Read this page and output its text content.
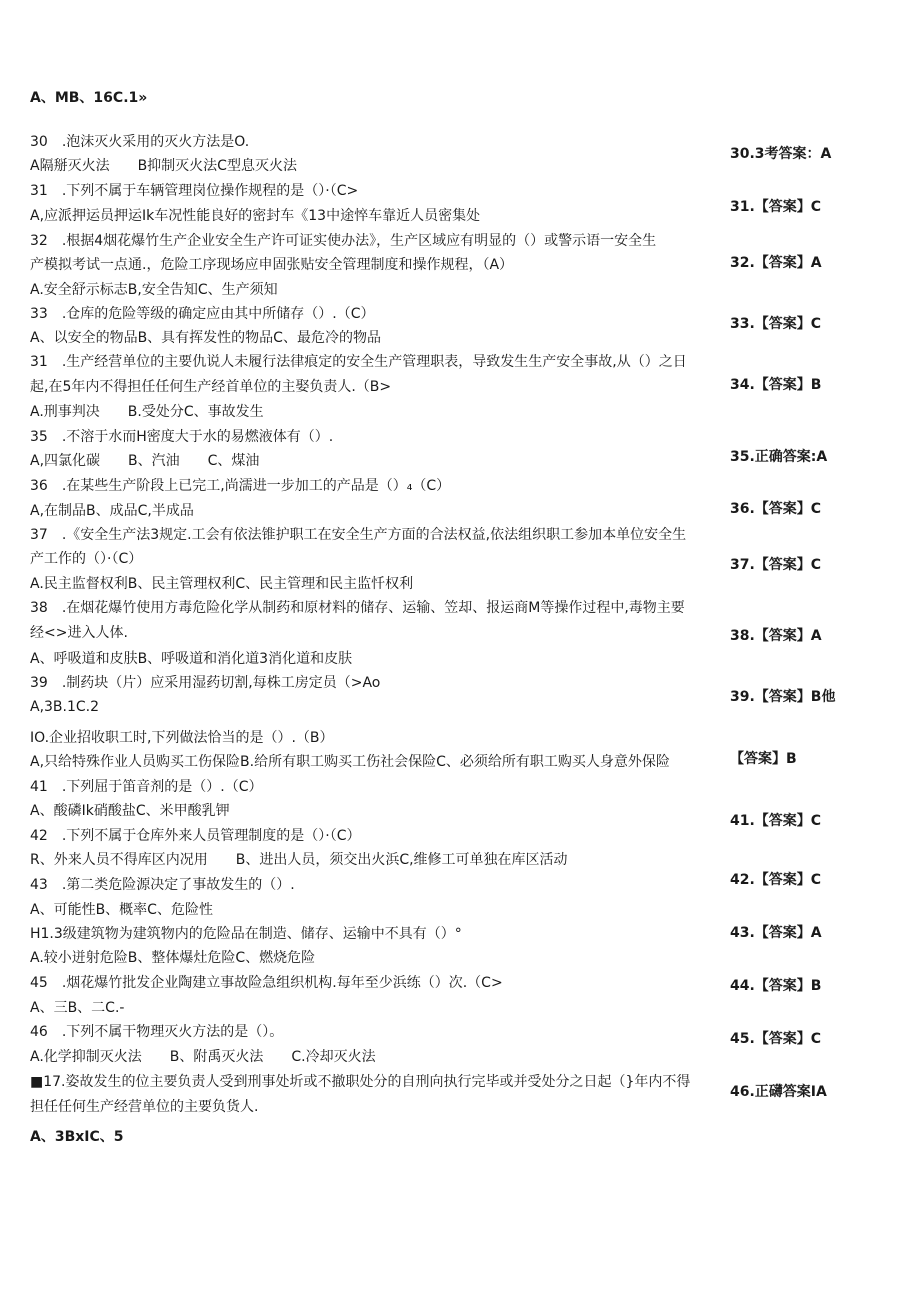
A、MB、16C.1»
30　.泡沫灭火采用的灭火方法是O.
A隔掰灭火法　　B抑制灭火法C型息灭火法
31　.下列不属于车辆管理岗位操作规程的是（）·（C>
A,应派押运员押运Ik车况性能良好的密封车《13中途悴车靠近人员密集处
32　.根据4烟花爆竹生产企业安全生产许可证实使办法》，生产区域应有明显的（）或警示语一安全生
产模拟考试一点通.，危险工序现场应申固张贴安全管理制度和操作规程，（A）
A.安全舒示标志B,安全告知C、生产须知
33　.仓库的危险等级的确定应由其中所储存（）.（C）
A、以安全的物品B、具有挥发性的物品C、最危冷的物品
31　.生产经营单位的主要仇说人未履行法律痕定的安全生产管理职表，导致发生生产安全事故,从（）之日
起,在5年内不得担任任何生产经首单位的主娶负责人.（B>
A.刑事判决　　B.受处分C、事故发生
35　.不溶于水而H密度大于水的易燃液体有（）.
A,四氯化碳　　B、汽油　　C、煤油
36　.在某些生产阶段上已完工,尚濡进一步加工的产品是（）₄（C）
A,在制品B、成品C,半成品
37　.《安全生产法3规定.工会有依法锥护职工在安全生产方面的合法权益,依法组织职工参加本单位安全生
产工作的（）·（C）
A.民主监督权利B、民主管理权利C、民主管理和民主监忏权利
38　.在烟花爆竹使用方毒危险化学从制药和原材料的储存、运输、笠却、报运商M等操作过程中,毒物主要
经<>进入人体.
A、呼吸道和皮肤B、呼吸道和消化道3消化道和皮肤
39　.制药块（片）应采用湿药切割,每株工房定员（>Ao
A,3B.1C.2
IO.企业招收职工时,下列做法恰当的是（）.（B）
A,只给特殊作业人员购买工伤保险B.给所有职工购买工伤社会保险C、必须给所有职工购买人身意外保险
41　.下列屈于笛音剂的是（）.（C）
A、酸磷Ik硝酸盐C、米甲酸乳钾
42　.下列不属于仓库外来人员管理制度的是（）·（C）
R、外来人员不得库区内况用　　B、进出人员，须交出火浜C,维修工可单独在库区活动
43　.第二类危险源决定了事故发生的（）.
A、可能性B、概率C、危险性
H1.3级建筑物为建筑物内的危险品在制造、储存、运输中不具有（）°
A.较小迸射危险B、整体爆灶危险C、燃烧危险
45　.烟花爆竹批发企业陶建立事故险急组织机构.每年至少浜练（）次.（C>
A、三B、二C.-
46　.下列不属干物理灭火方法的是（）。
A.化学抑制灭火法　　B、附禹灭火法　　C.冷却灭火法
■17.姿故发生的位主要负责人受到刑事处圻或不撤职处分的自刑向执行完毕或并受处分之日起（}年内不得
担任任何生产经营单位的主要负货人.
A、3BxIC、5
30.3考答案：A
31.【答案】C
32.【答案】A
33.【答案】C
34.【答案】B
35.正确答案:A
36.【答案】C
37.【答案】C
38.【答案】A
39.【答案】B他
【答案】B
41.【答案】C
42.【答案】C
43.【答案】A
44.【答案】B
45.【答案】C
46.正礴答案IA
